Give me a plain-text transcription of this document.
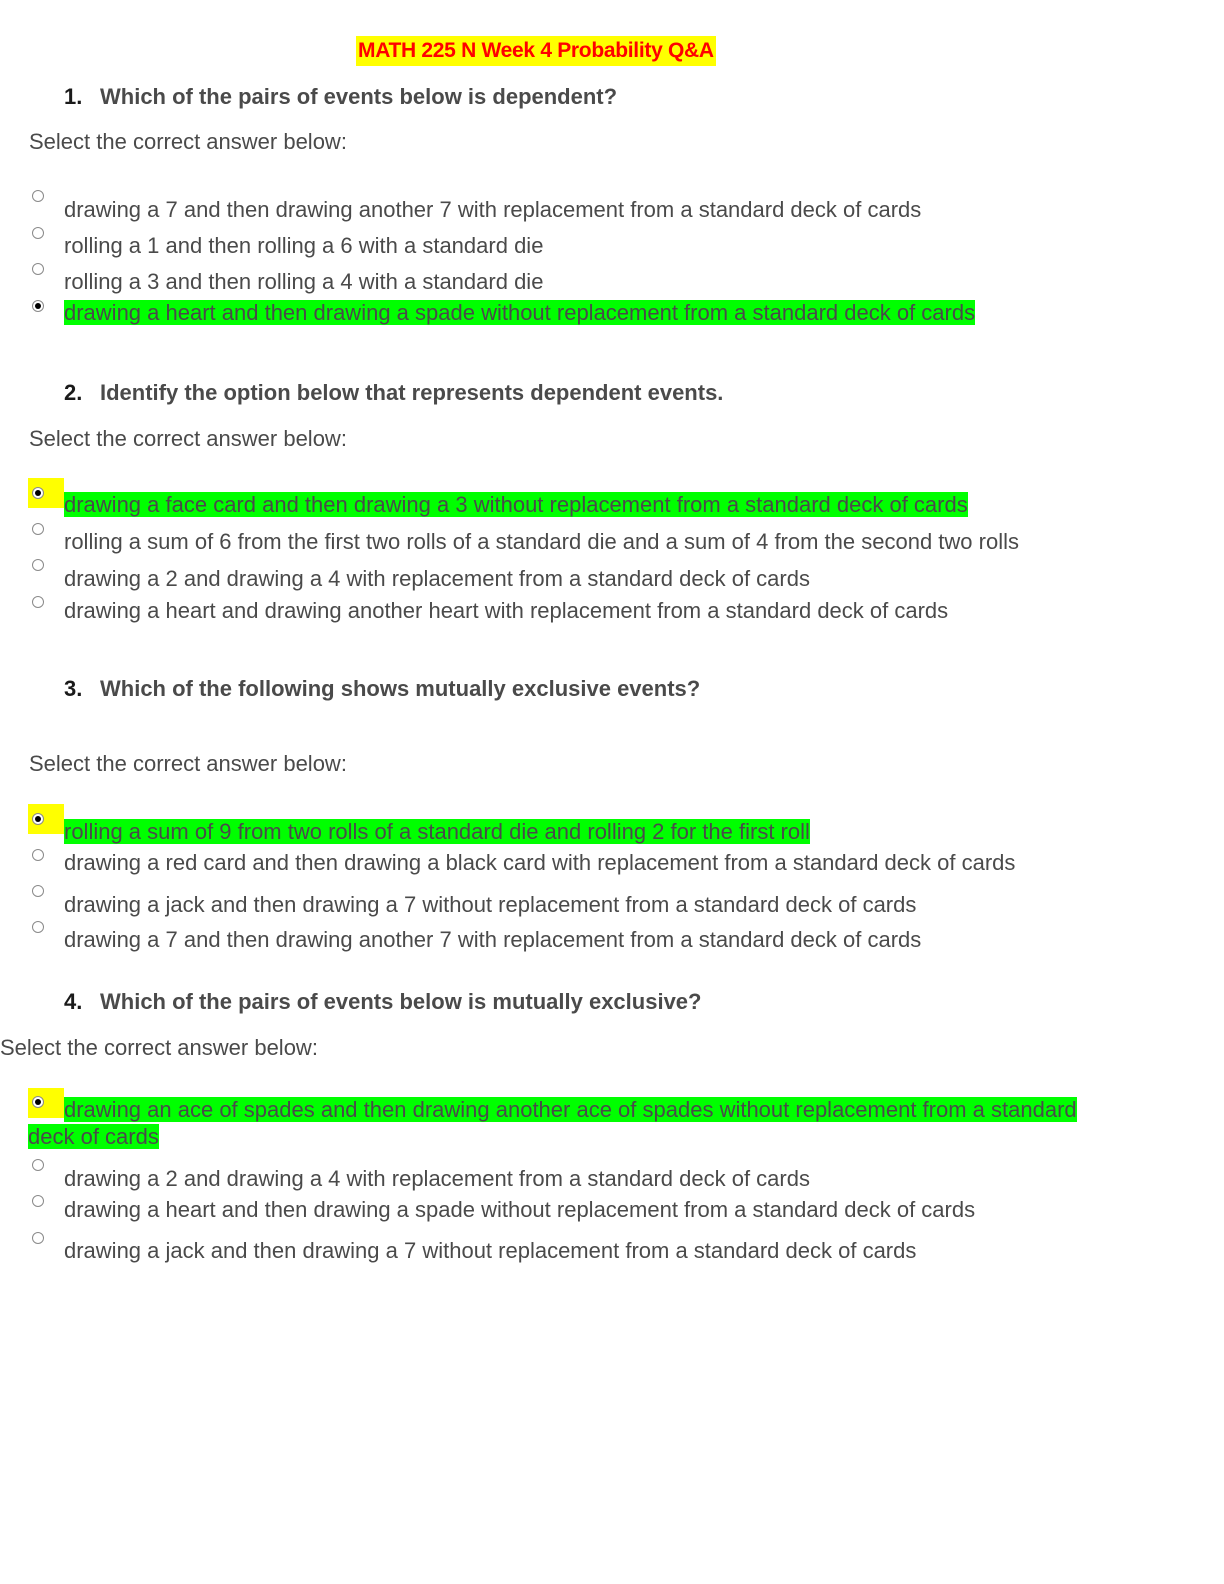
MATH 225 N Week 4 Probability Q&A
1. Which of the pairs of events below is dependent?
Select the correct answer below:
drawing a 7 and then drawing another 7 with replacement from a standard deck of cards
rolling a 1 and then rolling a 6 with a standard die
rolling a 3 and then rolling a 4 with a standard die
drawing a heart and then drawing a spade without replacement from a standard deck of cards
2. Identify the option below that represents dependent events.
Select the correct answer below:
drawing a face card and then drawing a 3 without replacement from a standard deck of cards
rolling a sum of 6 from the first two rolls of a standard die and a sum of 4 from the second two rolls
drawing a 2 and drawing a 4 with replacement from a standard deck of cards
drawing a heart and drawing another heart with replacement from a standard deck of cards
3. Which of the following shows mutually exclusive events?
Select the correct answer below:
rolling a sum of 9 from two rolls of a standard die and rolling 2 for the first roll
drawing a red card and then drawing a black card with replacement from a standard deck of cards
drawing a jack and then drawing a 7 without replacement from a standard deck of cards
drawing a 7 and then drawing another 7 with replacement from a standard deck of cards
4. Which of the pairs of events below is mutually exclusive?
Select the correct answer below:
drawing an ace of spades and then drawing another ace of spades without replacement from a standard
deck of cards
drawing a 2 and drawing a 4 with replacement from a standard deck of cards
drawing a heart and then drawing a spade without replacement from a standard deck of cards
drawing a jack and then drawing a 7 without replacement from a standard deck of cards
